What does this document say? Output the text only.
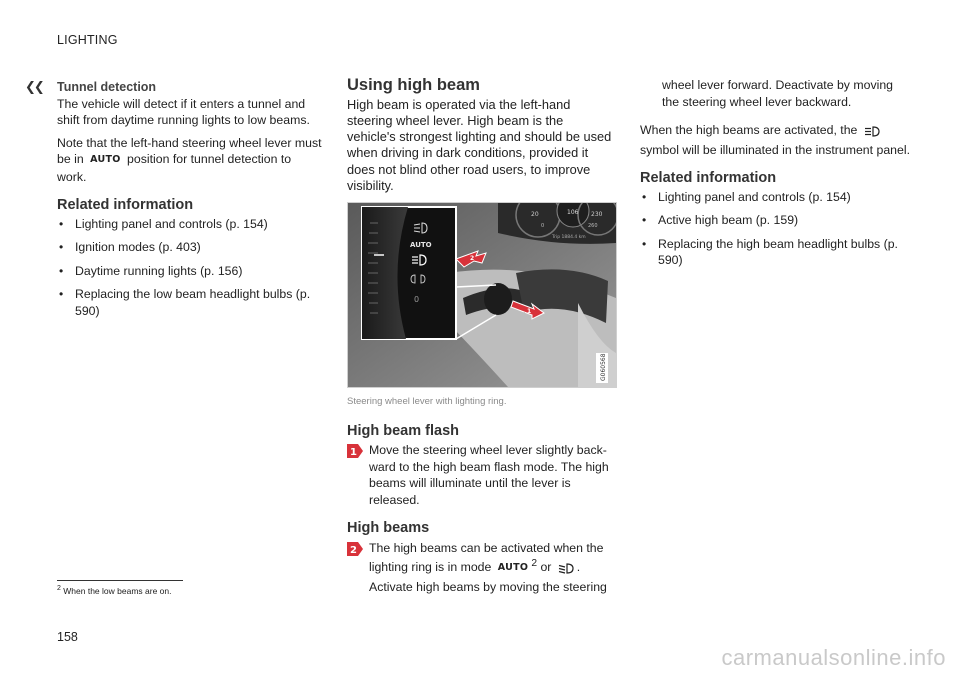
LIGHTING
❮❮ Tunnel detection

The vehicle will detect if it enters a tunnel and shift from daytime running lights to low beams.

Note that the left-hand steering wheel lever must
be in AUTO position for tunnel detection to work.

Related information
• Lighting panel and controls (p. 154)
• Ignition modes (p. 403)
• Daytime running lights (p. 156)
• Replacing the low beam headlight bulbs (p. 590)
Using high beam

High beam is operated via the left-hand steering wheel lever. High beam is the vehicle's strongest lighting and should be used when driving in dark conditions, provided it does not blind other road users, to improve visibility.

20	106 230
0	260
Trip 1884.4 km
2
1
AUTO
0
G060568
Steering wheel lever with lighting ring.
High beam flash
1 Move the steering wheel lever slightly back-ward to the high beam flash mode. The high beams will illuminate until the lever is released.
High beams
2 The high beams can be activated when the lighting ring is in mode AUTO $^2$ or . Activate high beams by moving the steering

wheel lever forward. Deactivate by moving the steering wheel lever backward.

When the high beams are activated, the  symbol will be illuminated in the instrument panel.

Related information
• Lighting panel and controls (p. 154)
• Active high beam (p. 159)
• Replacing the high beam headlight bulbs (p. 590)
$^2$ When the low beams are on.
158
carmanualsonline.info
